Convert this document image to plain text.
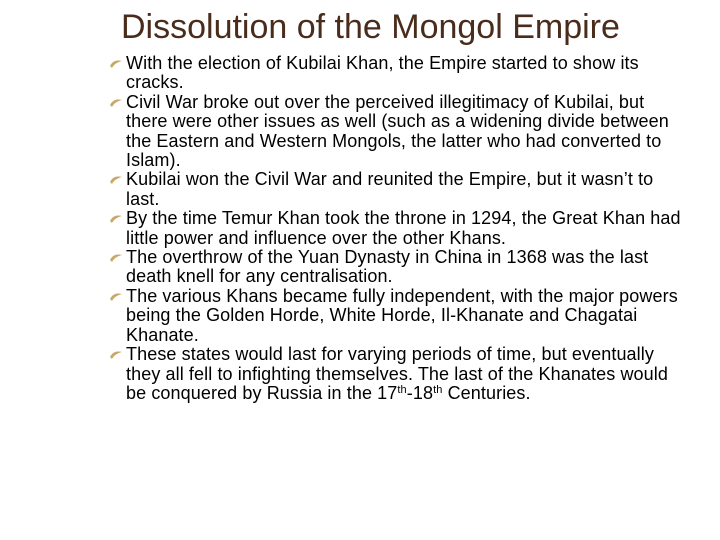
Dissolution of the Mongol Empire
With the election of Kubilai Khan, the Empire started to show its cracks.
Civil War broke out over the perceived illegitimacy of Kubilai, but there were other issues as well (such as a widening divide between the Eastern and Western Mongols, the latter who had converted to Islam).
Kubilai won the Civil War and reunited the Empire, but it wasn’t to last.
By the time Temur Khan took the throne in 1294, the Great Khan had little power and influence over the other Khans.
The overthrow of the Yuan Dynasty in China in 1368 was the last death knell for any centralisation.
The various Khans became fully independent, with the major powers being the Golden Horde, White Horde, Il-Khanate and Chagatai Khanate.
These states would last for varying periods of time, but eventually they all fell to infighting themselves. The last of the Khanates would be conquered by Russia in the 17th-18th Centuries.
